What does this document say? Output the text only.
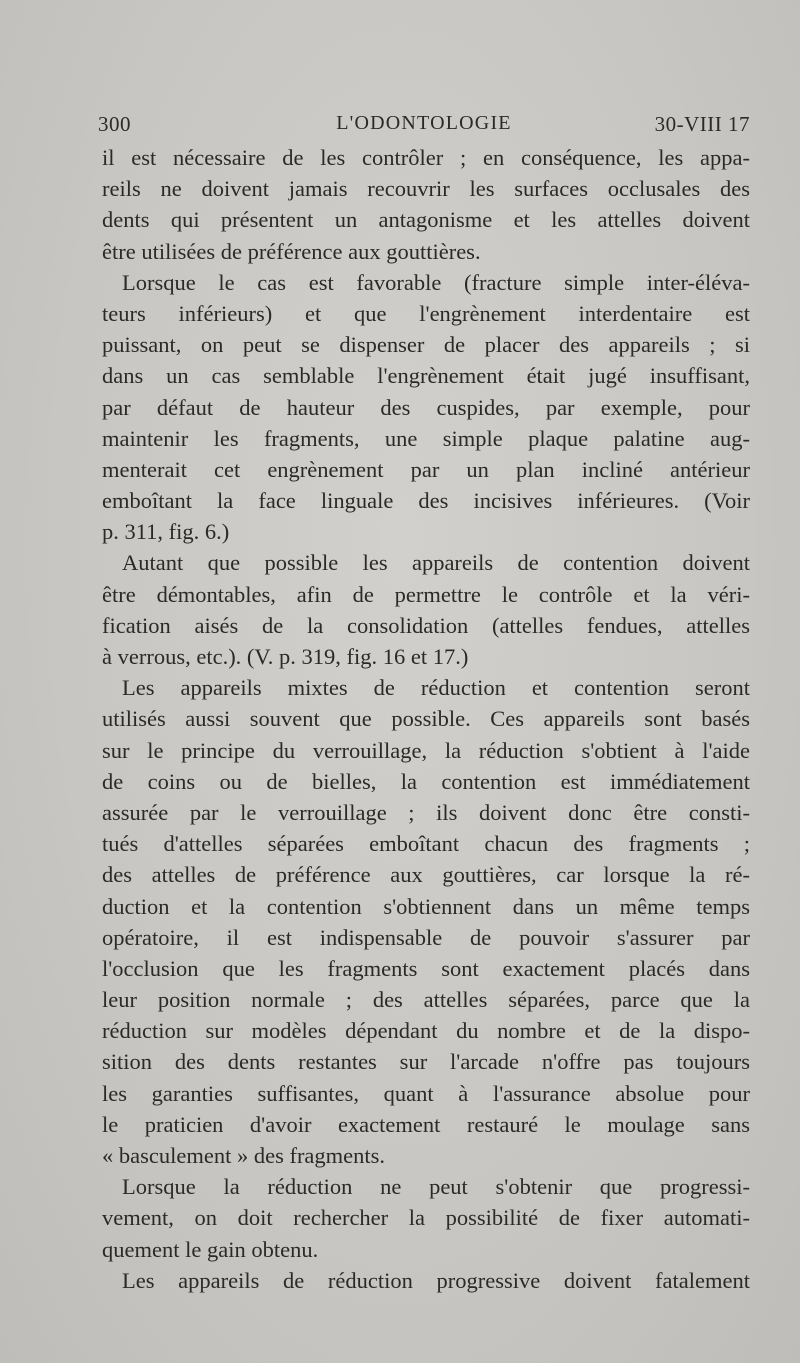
300	L'ODONTOLOGIE	30-VIII 17
il est nécessaire de les contrôler ; en conséquence, les appa-
reils ne doivent jamais recouvrir les surfaces occlusales des
dents qui présentent un antagonisme et les attelles doivent
être utilisées de préférence aux gouttières.
Lorsque le cas est favorable (fracture simple inter-éléva-
teurs inférieurs) et que l'engrènement interdentaire est
puissant, on peut se dispenser de placer des appareils ; si
dans un cas semblable l'engrènement était jugé insuffisant,
par défaut de hauteur des cuspides, par exemple, pour
maintenir les fragments, une simple plaque palatine aug-
menterait cet engrènement par un plan incliné antérieur
emboîtant la face linguale des incisives inférieures. (Voir
p. 311, fig. 6.)
Autant que possible les appareils de contention doivent
être démontables, afin de permettre le contrôle et la véri-
fication aisés de la consolidation (attelles fendues, attelles
à verrous, etc.). (V. p. 319, fig. 16 et 17.)
Les appareils mixtes de réduction et contention seront
utilisés aussi souvent que possible. Ces appareils sont basés
sur le principe du verrouillage, la réduction s'obtient à l'aide
de coins ou de bielles, la contention est immédiatement
assurée par le verrouillage ; ils doivent donc être consti-
tués d'attelles séparées emboîtant chacun des fragments ;
des attelles de préférence aux gouttières, car lorsque la ré-
duction et la contention s'obtiennent dans un même temps
opératoire, il est indispensable de pouvoir s'assurer par
l'occlusion que les fragments sont exactement placés dans
leur position normale ; des attelles séparées, parce que la
réduction sur modèles dépendant du nombre et de la dispo-
sition des dents restantes sur l'arcade n'offre pas toujours
les garanties suffisantes, quant à l'assurance absolue pour
le praticien d'avoir exactement restauré le moulage sans
« basculement » des fragments.
Lorsque la réduction ne peut s'obtenir que progressi-
vement, on doit rechercher la possibilité de fixer automati-
quement le gain obtenu.
Les appareils de réduction progressive doivent fatalement
